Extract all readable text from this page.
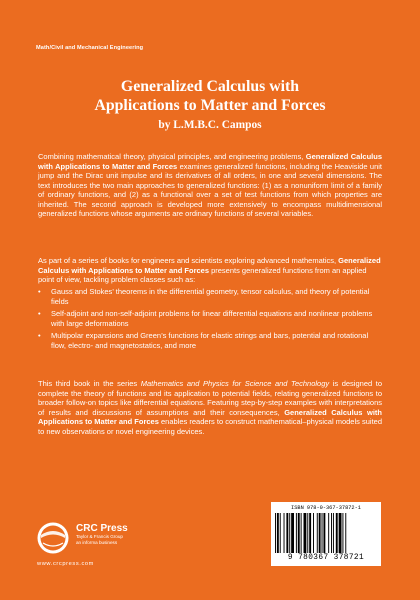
Math/Civil and Mechanical Engineering
Generalized Calculus with
Applications to Matter and Forces
by L.M.B.C. Campos
Combining mathematical theory, physical principles, and engineering problems, Generalized Calculus with Applications to Matter and Forces examines generalized functions, including the Heaviside unit jump and the Dirac unit impulse and its derivatives of all orders, in one and several dimensions. The text introduces the two main approaches to generalized functions: (1) as a nonuniform limit of a family of ordinary functions, and (2) as a functional over a set of test functions from which properties are inherited. The second approach is developed more extensively to encompass multidimensional generalized functions whose arguments are ordinary functions of several variables.
As part of a series of books for engineers and scientists exploring advanced mathematics, Generalized Calculus with Applications to Matter and Forces presents generalized functions from an applied point of view, tackling problem classes such as:
• Gauss and Stokes’ theorems in the differential geometry, tensor calculus, and theory of potential fields
• Self-adjoint and non-self-adjoint problems for linear differential equations and nonlinear problems with large deformations
• Multipolar expansions and Green’s functions for elastic strings and bars, potential and rotational flow, electro- and magnetostatics, and more
This third book in the series Mathematics and Physics for Science and Technology is designed to complete the theory of functions and its application to potential fields, relating generalized functions to broader follow-on topics like differential equations. Featuring step-by-step examples with interpretations of results and discussions of assumptions and their consequences, Generalized Calculus with Applications to Matter and Forces enables readers to construct mathematical–physical models suited to new observations or novel engineering devices.
CRC Press
Taylor & Francis Group
an informa business
www.crcpress.com
ISBN 978-0-367-37872-1
9 780367 378721
